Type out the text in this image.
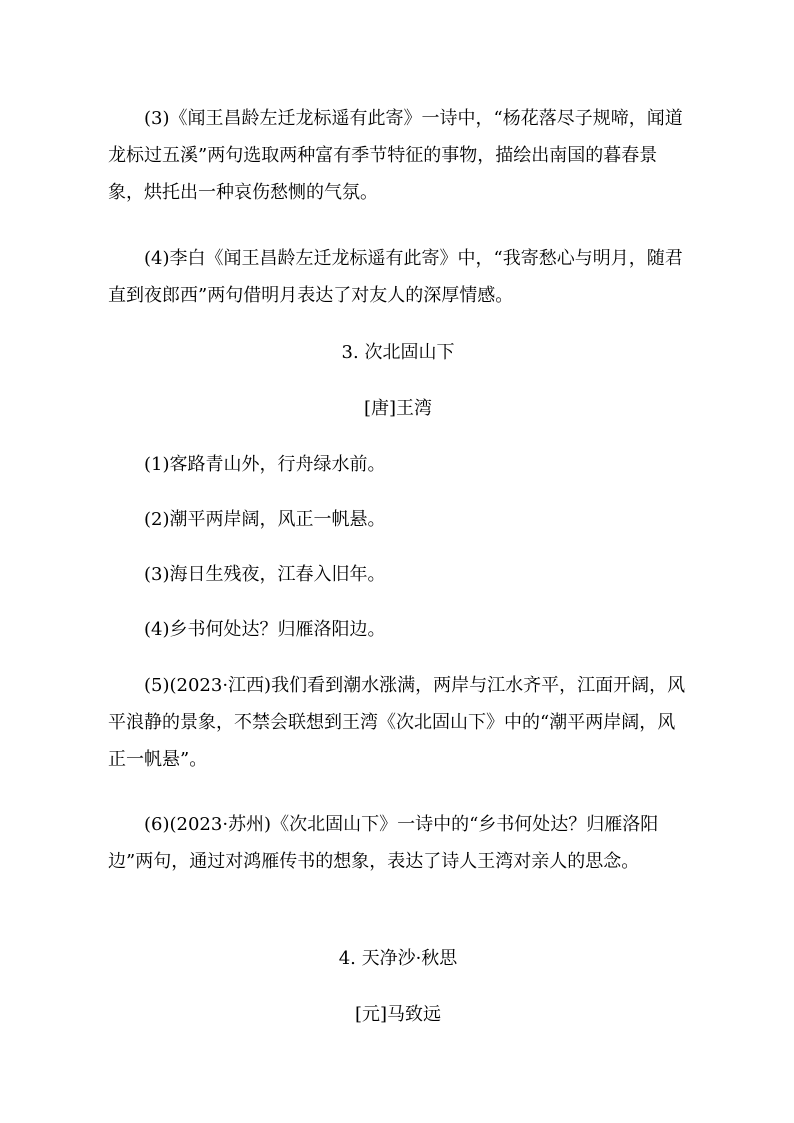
(3)《闻王昌龄左迁龙标遥有此寄》一诗中，“杨花落尽子规啼，闻道龙标过五溪”两句选取两种富有季节特征的事物，描绘出南国的暮春景象，烘托出一种哀伤愁恻的气氛。

(4)李白《闻王昌龄左迁龙标遥有此寄》中，“我寄愁心与明月，随君直到夜郎西”两句借明月表达了对友人的深厚情感。

3. 次北固山下

[唐]王湾

(1)客路青山外，行舟绿水前。

(2)潮平两岸阔，风正一帆悬。

(3)海日生残夜，江春入旧年。

(4)乡书何处达？归雁洛阳边。

(5)(2023·江西)我们看到潮水涨满，两岸与江水齐平，江面开阔，风平浪静的景象，不禁会联想到王湾《次北固山下》中的“潮平两岸阔，风正一帆悬”。

(6)(2023·苏州)《次北固山下》一诗中的“乡书何处达？归雁洛阳边”两句，通过对鸿雁传书的想象，表达了诗人王湾对亲人的思念。

4. 天净沙·秋思

[元]马致远
